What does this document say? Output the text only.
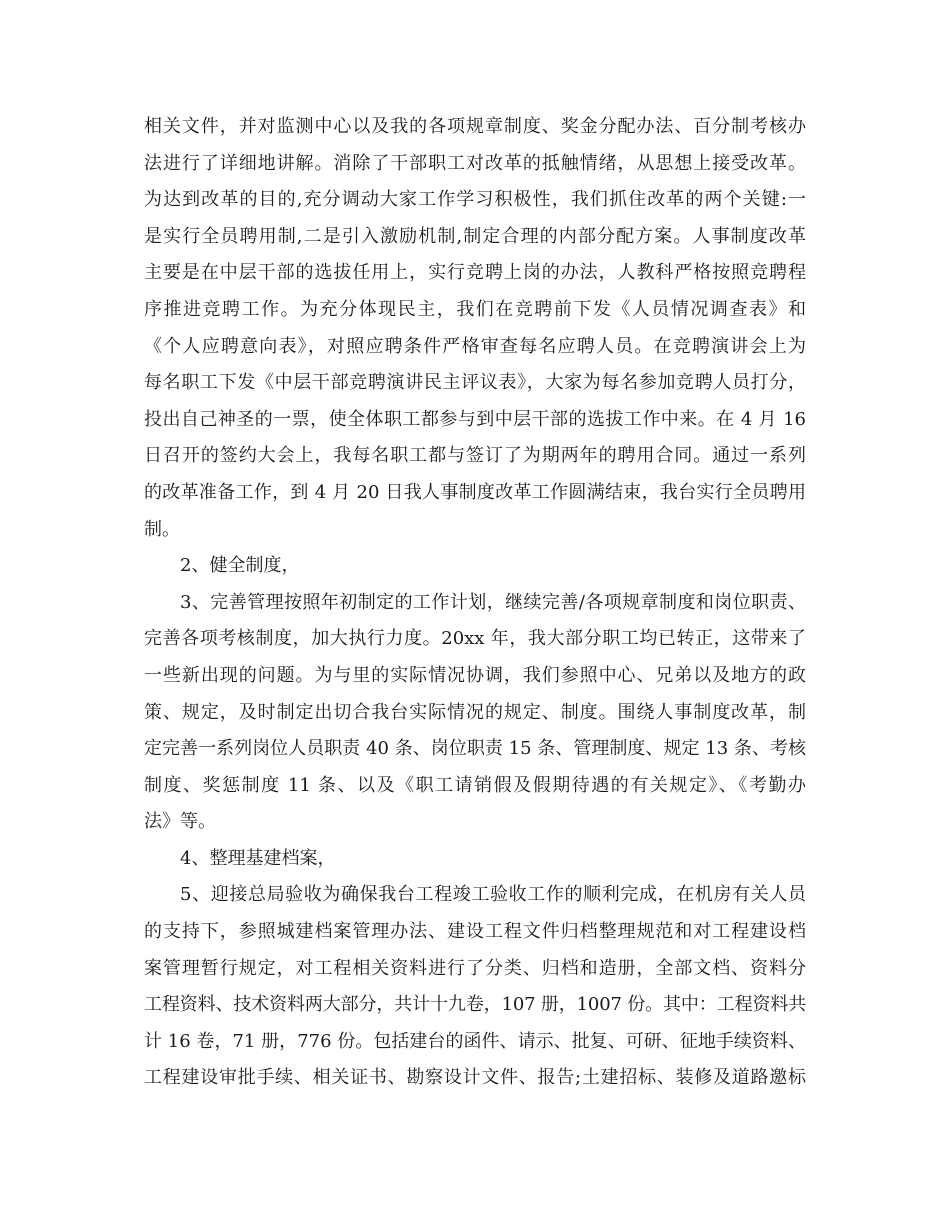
相关文件，并对监测中心以及我的各项规章制度、奖金分配办法、百分制考核办
法进行了详细地讲解。消除了干部职工对改革的抵触情绪，从思想上接受改革。
为达到改革的目的,充分调动大家工作学习积极性，我们抓住改革的两个关键:一
是实行全员聘用制,二是引入激励机制,制定合理的内部分配方案。人事制度改革
主要是在中层干部的选拔任用上，实行竞聘上岗的办法，人教科严格按照竞聘程
序推进竞聘工作。为充分体现民主，我们在竞聘前下发《人员情况调查表》和
《个人应聘意向表》，对照应聘条件严格审查每名应聘人员。在竞聘演讲会上为
每名职工下发《中层干部竞聘演讲民主评议表》，大家为每名参加竞聘人员打分，
投出自己神圣的一票，使全体职工都参与到中层干部的选拔工作中来。在 4 月 16
日召开的签约大会上，我每名职工都与签订了为期两年的聘用合同。通过一系列
的改革准备工作，到 4 月 20 日我人事制度改革工作圆满结束，我台实行全员聘用
制。
2、健全制度，
3、完善管理按照年初制定的工作计划，继续完善/各项规章制度和岗位职责、
完善各项考核制度，加大执行力度。20xx 年，我大部分职工均已转正，这带来了
一些新出现的问题。为与里的实际情况协调，我们参照中心、兄弟以及地方的政
策、规定，及时制定出切合我台实际情况的规定、制度。围绕人事制度改革，制
定完善一系列岗位人员职责 40 条、岗位职责 15 条、管理制度、规定 13 条、考核
制度、奖惩制度 11 条、以及《职工请销假及假期待遇的有关规定》、《考勤办
法》等。
4、整理基建档案，
5、迎接总局验收为确保我台工程竣工验收工作的顺利完成，在机房有关人员
的支持下，参照城建档案管理办法、建设工程文件归档整理规范和对工程建设档
案管理暂行规定，对工程相关资料进行了分类、归档和造册，全部文档、资料分
工程资料、技术资料两大部分，共计十九卷，107 册，1007 份。其中：工程资料共
计 16 卷，71 册，776 份。包括建台的函件、请示、批复、可研、征地手续资料、
工程建设审批手续、相关证书、勘察设计文件、报告;土建招标、装修及道路邀标
